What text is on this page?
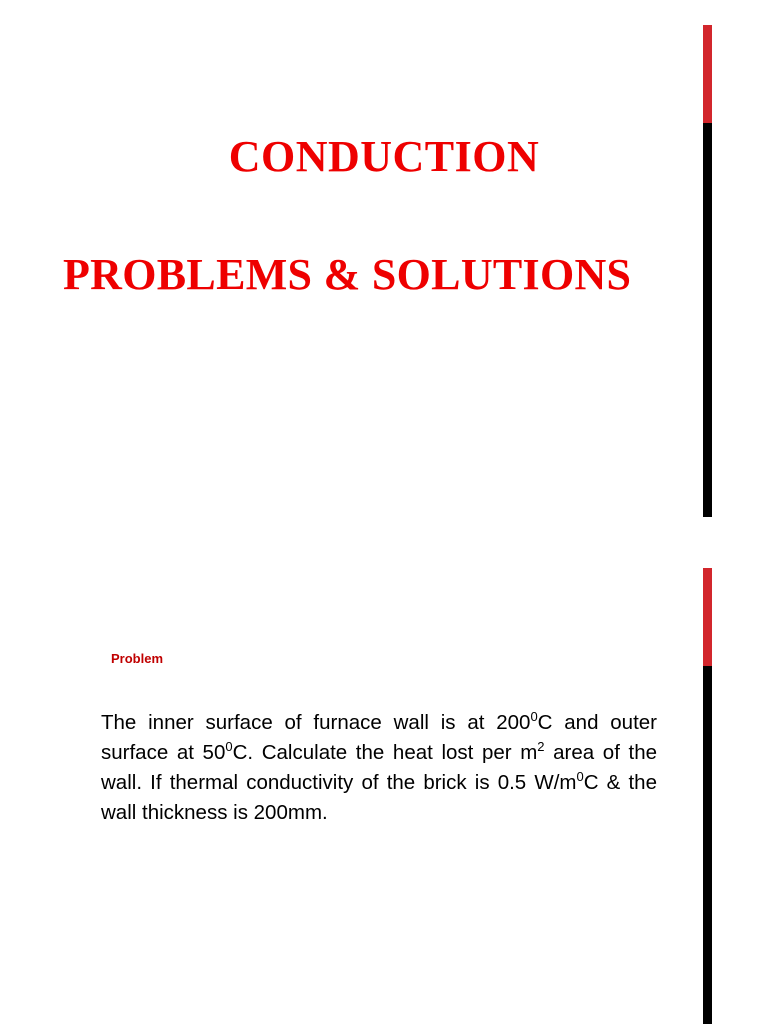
CONDUCTION
PROBLEMS & SOLUTIONS
Problem
The inner surface of furnace wall is at $200^0C$ and outer surface at $50^0C$. Calculate the heat lost per $m^2$ area of the wall. If thermal conductivity of the brick is 0.5 $W/m^0C$ & the wall thickness is 200mm.
